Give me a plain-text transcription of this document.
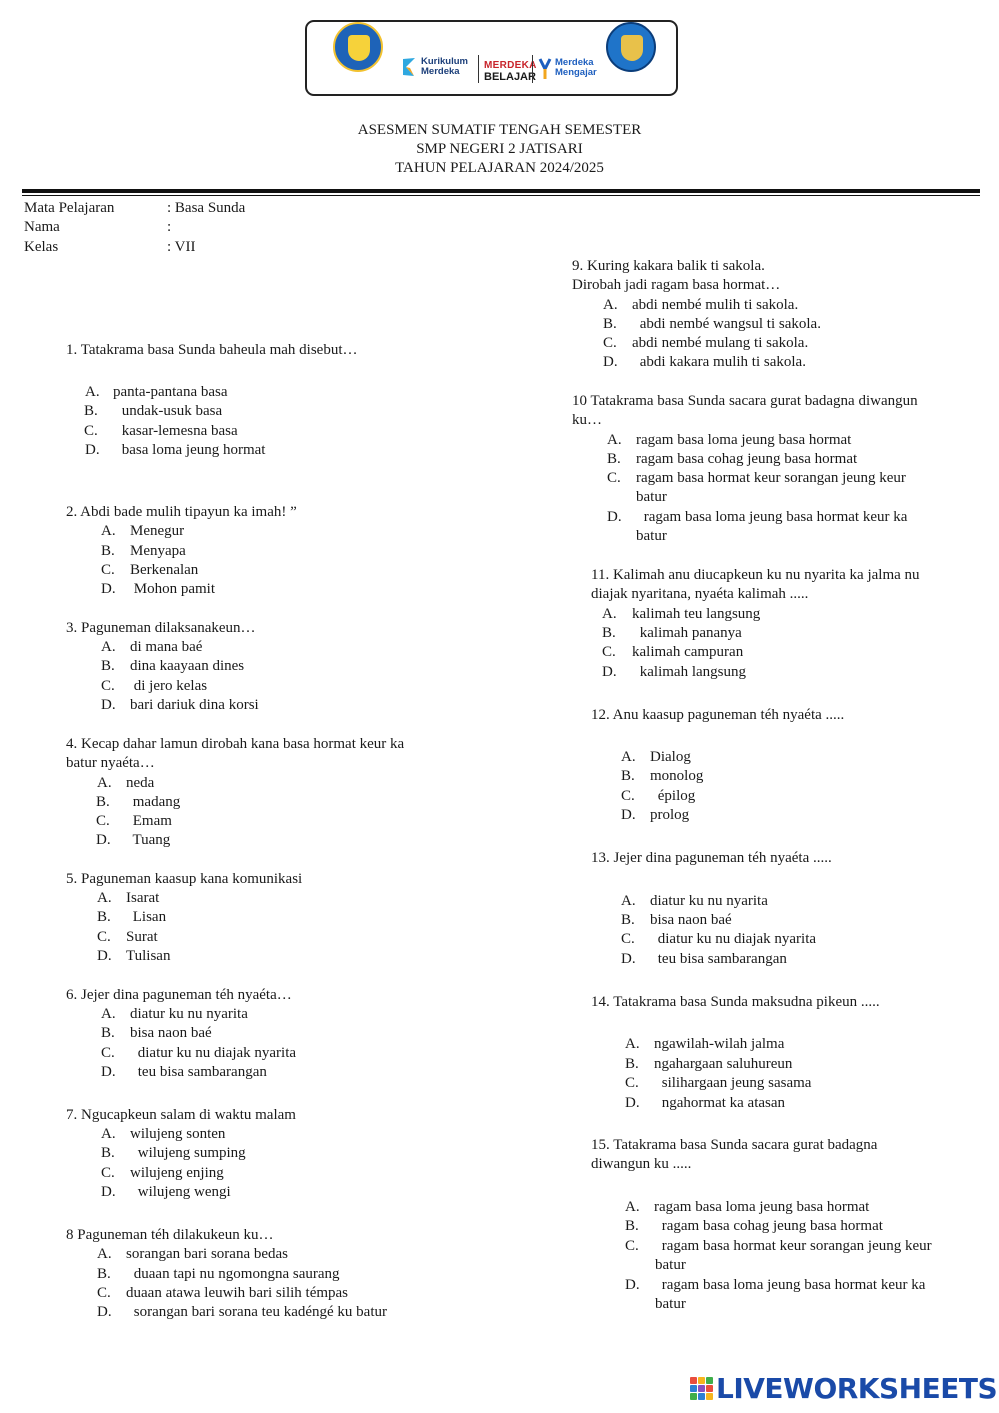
Kurikulum
Merdeka
MERDEKA
BELAJAR
Merdeka
Mengajar
ASESMEN SUMATIF TENGAH SEMESTER
SMP NEGERI 2 JATISARI
TAHUN PELAJARAN 2024/2025
Mata Pelajaran	: Basa Sunda
Nama	:
Kelas	: VII
1. Tatakrama basa Sunda baheula mah disebut…
A. panta-pantana basa
B. undak-usuk basa
C. kasar-lemesna basa
D. basa loma jeung hormat
2. Abdi bade mulih tipayun ka imah! ”
A. Menegur
B. Menyapa
C. Berkenalan
D. Mohon pamit
3. Paguneman dilaksanakeun…
A. di mana baé
B. dina kaayaan dines
C. di jero kelas
D. bari dariuk dina korsi
4. Kecap dahar lamun dirobah kana basa hormat keur ka
batur nyaéta…
A. neda
B. madang
C. Emam
D. Tuang
5. Paguneman kaasup kana komunikasi
A. Isarat
B. Lisan
C. Surat
D. Tulisan
6. Jejer dina paguneman téh nyaéta…
A. diatur ku nu nyarita
B. bisa naon baé
C. diatur ku nu diajak nyarita
D. teu bisa sambarangan
7. Ngucapkeun salam di waktu malam
A. wilujeng sonten
B. wilujeng sumping
C. wilujeng enjing
D. wilujeng wengi
8 Paguneman téh dilakukeun ku…
A. sorangan bari sorana bedas
B. duaan tapi nu ngomongna saurang
C. duaan atawa leuwih bari silih témpas
D. sorangan bari sorana teu kadéngé ku batur
9. Kuring kakara balik ti sakola.
Dirobah jadi ragam basa hormat…
A. abdi nembé mulih ti sakola.
B. abdi nembé wangsul ti sakola.
C. abdi nembé mulang ti sakola.
D. abdi kakara mulih ti sakola.
10 Tatakrama basa Sunda sacara gurat badagna diwangun
ku…
A. ragam basa loma jeung basa hormat
B. ragam basa cohag jeung basa hormat
C. ragam basa hormat keur sorangan jeung keur
batur
D. ragam basa loma jeung basa hormat keur ka
batur
11. Kalimah anu diucapkeun ku nu nyarita ka jalma nu
diajak nyaritana, nyaéta kalimah .....
A. kalimah teu langsung
B. kalimah pananya
C. kalimah campuran
D. kalimah langsung
12. Anu kaasup paguneman téh nyaéta .....
A. Dialog
B. monolog
C. épilog
D. prolog
13. Jejer dina paguneman téh nyaéta .....
A. diatur ku nu nyarita
B. bisa naon baé
C. diatur ku nu diajak nyarita
D. teu bisa sambarangan
14. Tatakrama basa Sunda maksudna pikeun .....
A. ngawilah-wilah jalma
B. ngahargaan saluhureun
C. silihargaan jeung sasama
D. ngahormat ka atasan
15. Tatakrama basa Sunda sacara gurat badagna
diwangun ku .....
A. ragam basa loma jeung basa hormat
B. ragam basa cohag jeung basa hormat
C. ragam basa hormat keur sorangan jeung keur
batur
D. ragam basa loma jeung basa hormat keur ka
batur
LIVEWORKSHEETS
